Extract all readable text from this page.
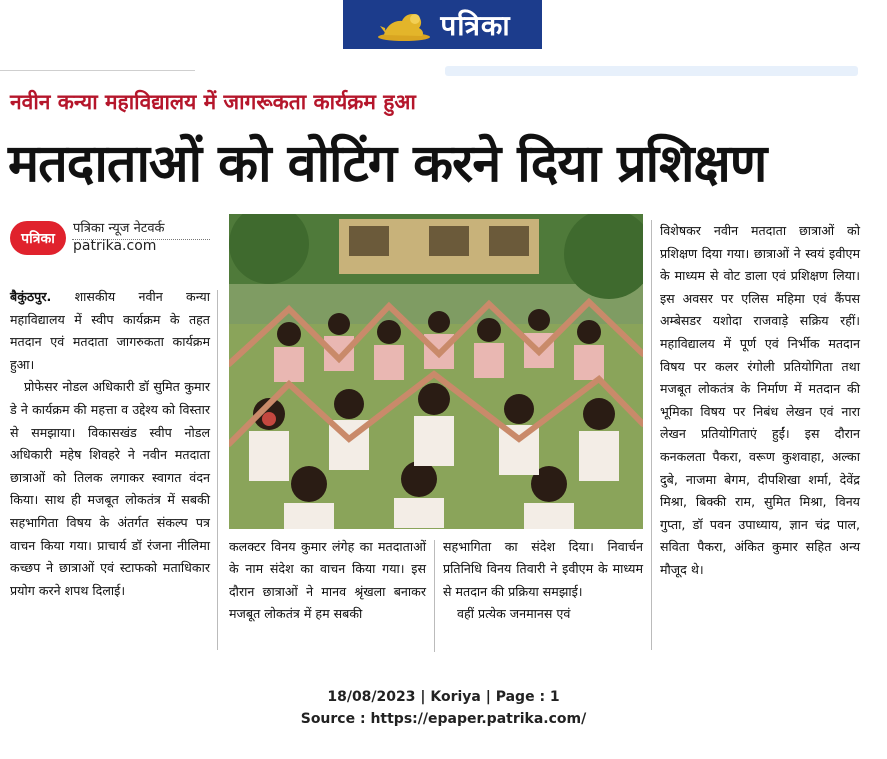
पत्रिका
नवीन कन्या महाविद्यालय में जागरूकता कार्यक्रम हुआ
मतदाताओं को वोटिंग करने दिया प्रशिक्षण
पत्रिका
पत्रिका न्यूज नेटवर्क
patrika.com

बैकुंठपुर. शासकीय नवीन कन्या महाविद्यालय में स्वीप कार्यक्रम के तहत मतदान एवं मतदाता जागरुकता कार्यक्रम हुआ।

प्रोफेसर नोडल अधिकारी डॉ सुमित कुमार डे ने कार्यक्रम की महत्ता व उद्देश्य को विस्तार से समझाया। विकासखंड स्वीप नोडल अधिकारी महेष शिवहरे ने नवीन मतदाता छात्राओं को तिलक लगाकर स्वागत वंदन किया। साथ ही मजबूत लोकतंत्र में सबकी सहभागिता विषय के अंतर्गत संकल्प पत्र वाचन किया गया। प्राचार्य डॉ रंजना नीलिमा कच्छप ने छात्राओं एवं स्टाफको मताधिकार प्रयोग करने शपथ दिलाई।

कलक्टर विनय कुमार लंगेह का मतदाताओं के नाम संदेश का वाचन किया गया। इस दौरान छात्राओं ने मानव श्रृंखला बनाकर मजबूत लोकतंत्र में हम सबकी
सहभागिता का संदेश दिया। निवार्चन प्रतिनिधि विनय तिवारी ने इवीएम के माध्यम से मतदान की प्रक्रिया समझाई।
वहीं प्रत्येक जनमानस एवं
विशेषकर नवीन मतदाता छात्राओं को प्रशिक्षण दिया गया। छात्राओं ने स्वयं इवीएम के माध्यम से वोट डाला एवं प्रशिक्षण लिया। इस अवसर पर एलिस महिमा एवं कैंपस अम्बेसडर यशोदा राजवाड़े सक्रिय रहीं। महाविद्यालय में पूर्ण एवं निर्भीक मतदान विषय पर कलर रंगोली प्रतियोगिता तथा मजबूत लोकतंत्र के निर्माण में मतदान की भूमिका विषय पर निबंध लेखन एवं नारा लेखन प्रतियोगिताएं हुईं। इस दौरान कनकलता पैकरा, वरूण कुशवाहा, अल्का दुबे, नाजमा बेगम, दीपशिखा शर्मा, देवेंद्र मिश्रा, बिक्की राम, सुमित मिश्रा, विनय गुप्ता, डॉ पवन उपाध्याय, ज्ञान चंद्र पाल, सविता पैकरा, अंकित कुमार सहित अन्य मौजूद थे।
18/08/2023 | Koriya | Page : 1
Source : https://epaper.patrika.com/
